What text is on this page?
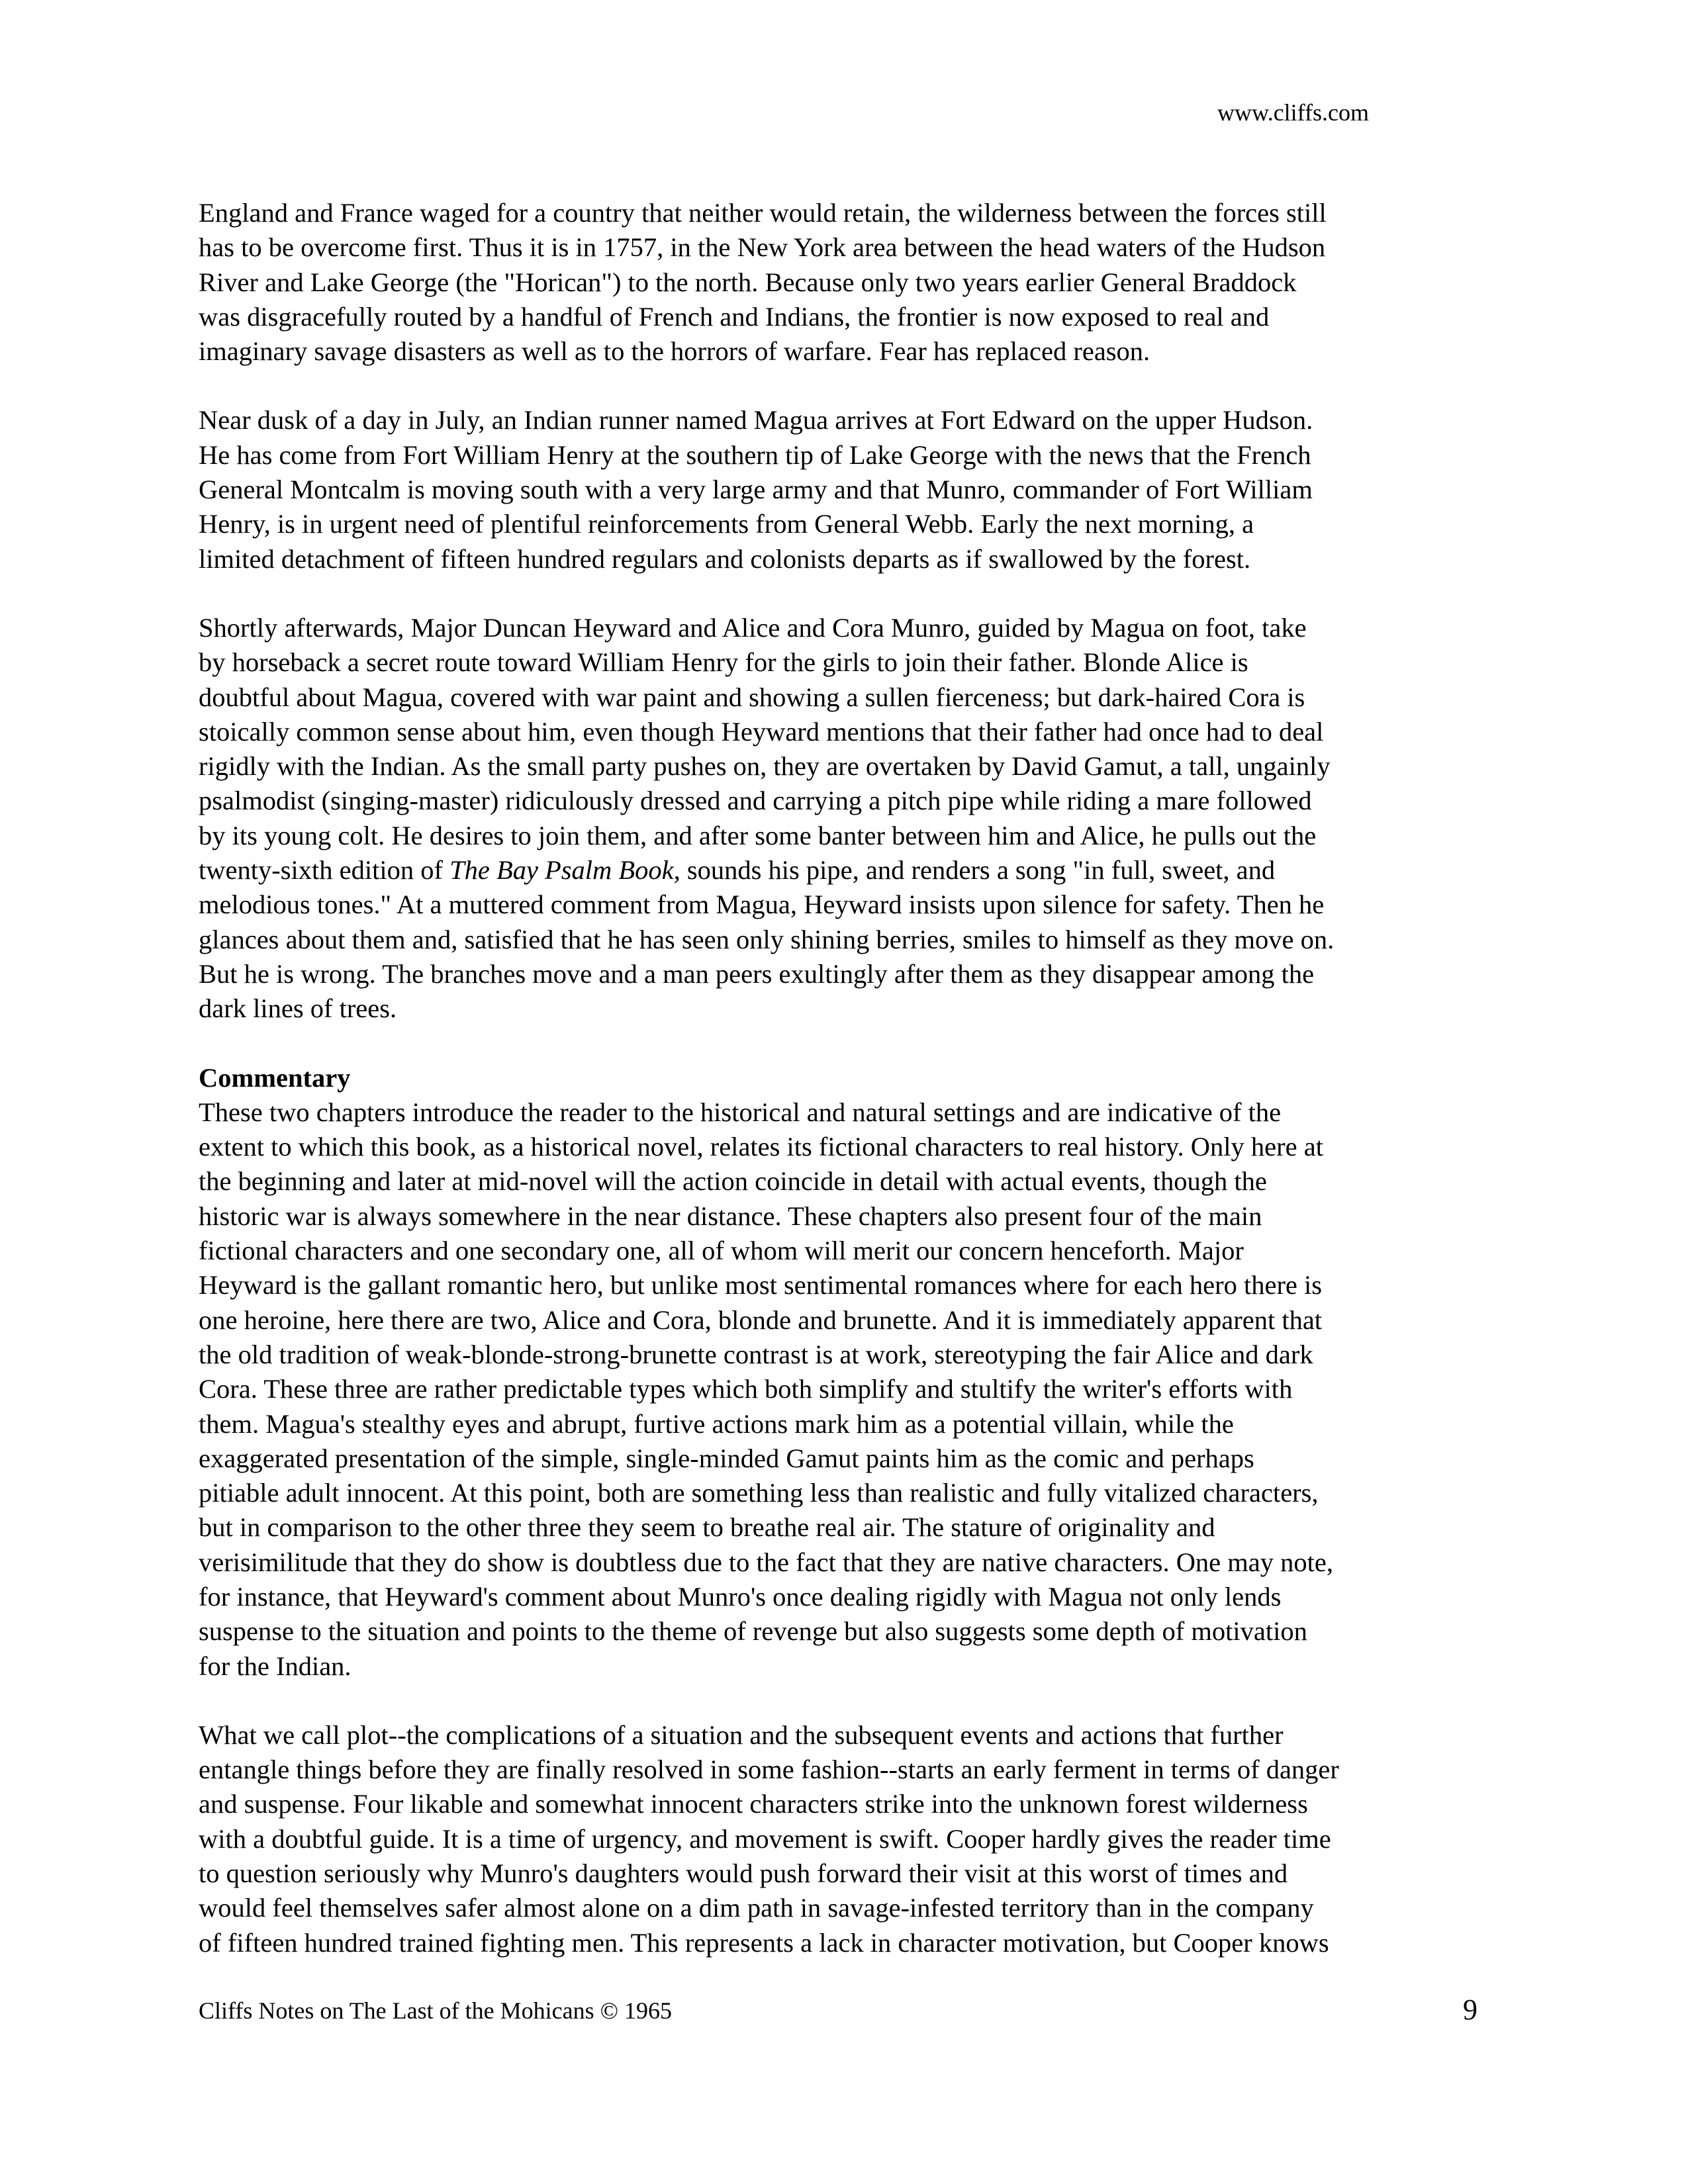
www.cliffs.com
England and France waged for a country that neither would retain, the wilderness between the forces still
has to be overcome first. Thus it is in 1757, in the New York area between the head waters of the Hudson
River and Lake George (the "Horican") to the north. Because only two years earlier General Braddock
was disgracefully routed by a handful of French and Indians, the frontier is now exposed to real and
imaginary savage disasters as well as to the horrors of warfare. Fear has replaced reason.
Near dusk of a day in July, an Indian runner named Magua arrives at Fort Edward on the upper Hudson.
He has come from Fort William Henry at the southern tip of Lake George with the news that the French
General Montcalm is moving south with a very large army and that Munro, commander of Fort William
Henry, is in urgent need of plentiful reinforcements from General Webb. Early the next morning, a
limited detachment of fifteen hundred regulars and colonists departs as if swallowed by the forest.
Shortly afterwards, Major Duncan Heyward and Alice and Cora Munro, guided by Magua on foot, take
by horseback a secret route toward William Henry for the girls to join their father. Blonde Alice is
doubtful about Magua, covered with war paint and showing a sullen fierceness; but dark-haired Cora is
stoically common sense about him, even though Heyward mentions that their father had once had to deal
rigidly with the Indian. As the small party pushes on, they are overtaken by David Gamut, a tall, ungainly
psalmodist (singing-master) ridiculously dressed and carrying a pitch pipe while riding a mare followed
by its young colt. He desires to join them, and after some banter between him and Alice, he pulls out the
twenty-sixth edition of The Bay Psalm Book, sounds his pipe, and renders a song "in full, sweet, and
melodious tones." At a muttered comment from Magua, Heyward insists upon silence for safety. Then he
glances about them and, satisfied that he has seen only shining berries, smiles to himself as they move on.
But he is wrong. The branches move and a man peers exultingly after them as they disappear among the
dark lines of trees.
Commentary
These two chapters introduce the reader to the historical and natural settings and are indicative of the
extent to which this book, as a historical novel, relates its fictional characters to real history. Only here at
the beginning and later at mid-novel will the action coincide in detail with actual events, though the
historic war is always somewhere in the near distance. These chapters also present four of the main
fictional characters and one secondary one, all of whom will merit our concern henceforth. Major
Heyward is the gallant romantic hero, but unlike most sentimental romances where for each hero there is
one heroine, here there are two, Alice and Cora, blonde and brunette. And it is immediately apparent that
the old tradition of weak-blonde-strong-brunette contrast is at work, stereotyping the fair Alice and dark
Cora. These three are rather predictable types which both simplify and stultify the writer's efforts with
them. Magua's stealthy eyes and abrupt, furtive actions mark him as a potential villain, while the
exaggerated presentation of the simple, single-minded Gamut paints him as the comic and perhaps
pitiable adult innocent. At this point, both are something less than realistic and fully vitalized characters,
but in comparison to the other three they seem to breathe real air. The stature of originality and
verisimilitude that they do show is doubtless due to the fact that they are native characters. One may note,
for instance, that Heyward's comment about Munro's once dealing rigidly with Magua not only lends
suspense to the situation and points to the theme of revenge but also suggests some depth of motivation
for the Indian.
What we call plot--the complications of a situation and the subsequent events and actions that further
entangle things before they are finally resolved in some fashion--starts an early ferment in terms of danger
and suspense. Four likable and somewhat innocent characters strike into the unknown forest wilderness
with a doubtful guide. It is a time of urgency, and movement is swift. Cooper hardly gives the reader time
to question seriously why Munro's daughters would push forward their visit at this worst of times and
would feel themselves safer almost alone on a dim path in savage-infested territory than in the company
of fifteen hundred trained fighting men. This represents a lack in character motivation, but Cooper knows
Cliffs Notes on The Last of the Mohicans © 1965	9
